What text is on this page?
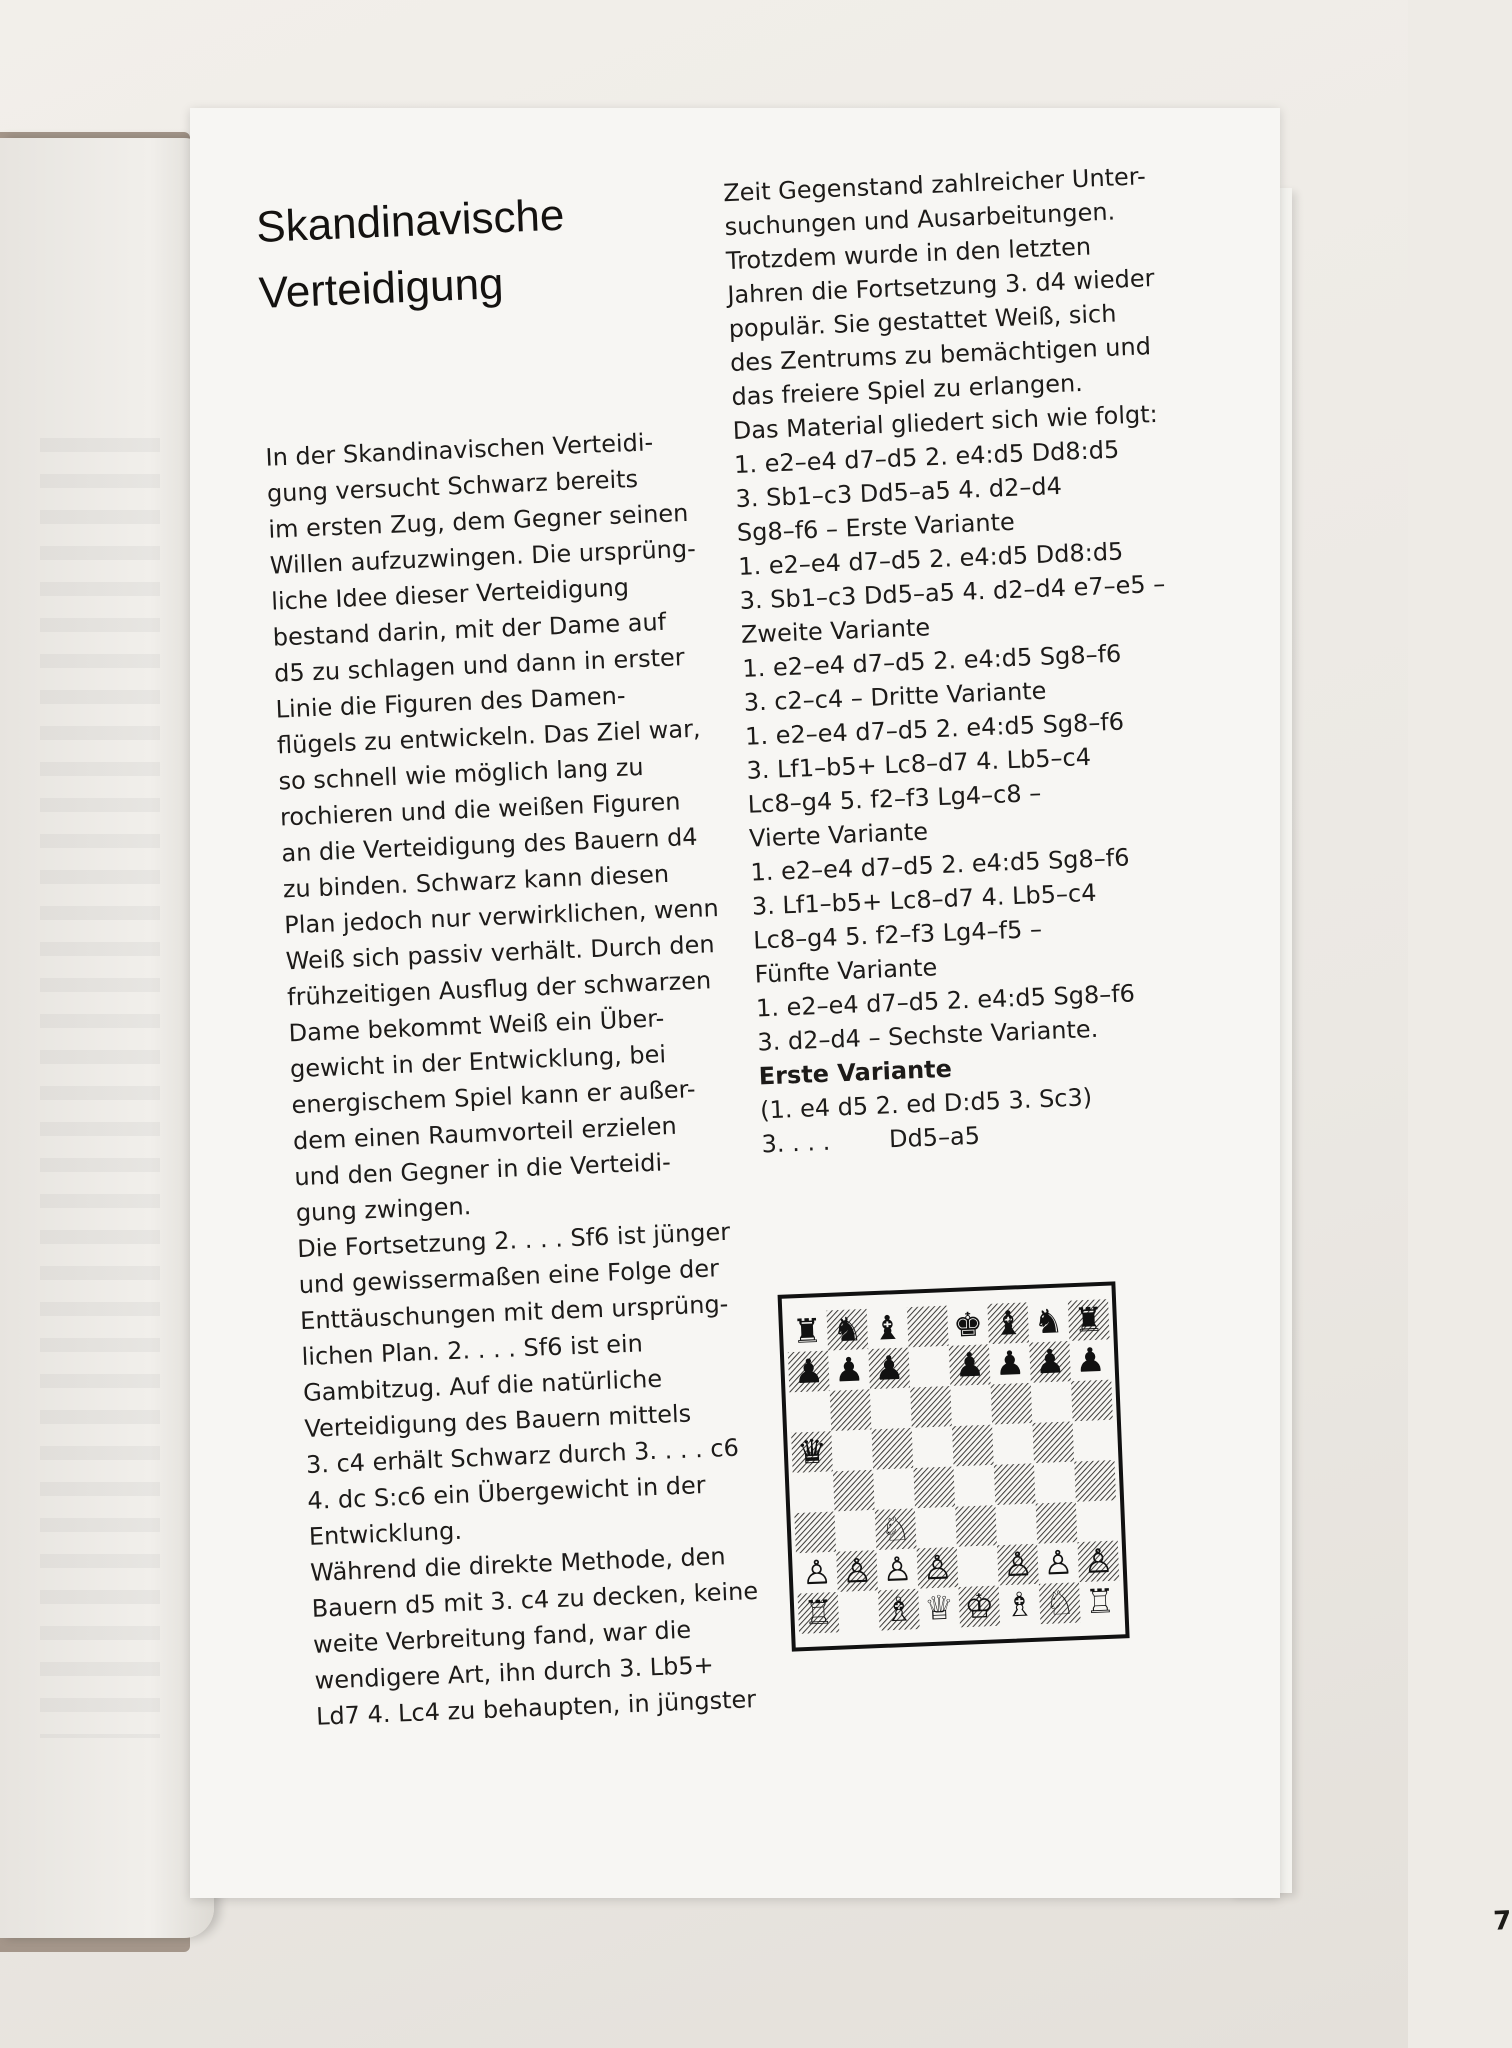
Skandinavische
Verteidigung

In der Skandinavischen Verteidi-
gung versucht Schwarz bereits
im ersten Zug, dem Gegner seinen
Willen aufzuzwingen. Die ursprüng-
liche Idee dieser Verteidigung
bestand darin, mit der Dame auf
d5 zu schlagen und dann in erster
Linie die Figuren des Damen-
flügels zu entwickeln. Das Ziel war,
so schnell wie möglich lang zu
rochieren und die weißen Figuren
an die Verteidigung des Bauern d4
zu binden. Schwarz kann diesen
Plan jedoch nur verwirklichen, wenn
Weiß sich passiv verhält. Durch den
frühzeitigen Ausflug der schwarzen
Dame bekommt Weiß ein Über-
gewicht in der Entwicklung, bei
energischem Spiel kann er außer-
dem einen Raumvorteil erzielen
und den Gegner in die Verteidi-
gung zwingen.

Die Fortsetzung 2. . . . Sf6 ist jünger
und gewissermaßen eine Folge der
Enttäuschungen mit dem ursprüng-
lichen Plan. 2. . . . Sf6 ist ein
Gambitzug. Auf die natürliche
Verteidigung des Bauern mittels
3. c4 erhält Schwarz durch 3. . . . c6
4. dc S:c6 ein Übergewicht in der
Entwicklung.

Während die direkte Methode, den
Bauern d5 mit 3. c4 zu decken, keine
weite Verbreitung fand, war die
wendigere Art, ihn durch 3. Lb5+
Ld7 4. Lc4 zu behaupten, in jüngster

Zeit Gegenstand zahlreicher Unter-
suchungen und Ausarbeitungen.
Trotzdem wurde in den letzten
Jahren die Fortsetzung 3. d4 wieder
populär. Sie gestattet Weiß, sich
des Zentrums zu bemächtigen und
das freiere Spiel zu erlangen.

Das Material gliedert sich wie folgt:

1. e2–e4 d7–d5 2. e4:d5 Dd8:d5
3. Sb1–c3 Dd5–a5 4. d2–d4
Sg8–f6 – Erste Variante

1. e2–e4 d7–d5 2. e4:d5 Dd8:d5
3. Sb1–c3 Dd5–a5 4. d2–d4 e7–e5 –
Zweite Variante

1. e2–e4 d7–d5 2. e4:d5 Sg8–f6
3. c2–c4 – Dritte Variante

1. e2–e4 d7–d5 2. e4:d5 Sg8–f6
3. Lf1–b5+ Lc8–d7 4. Lb5–c4
Lc8–g4 5. f2–f3 Lg4–c8 –
Vierte Variante

1. e2–e4 d7–d5 2. e4:d5 Sg8–f6
3. Lf1–b5+ Lc8–d7 4. Lb5–c4
Lc8–g4 5. f2–f3 Lg4–f5 –
Fünfte Variante

1. e2–e4 d7–d5 2. e4:d5 Sg8–f6
3. d2–d4 – Sechste Variante.

Erste Variante

(1. e4 d5 2. ed D:d5 3. Sc3)

3. . . . Dd5–a5

♜ ♞ ♝ ♚ ♝ ♞ ♜
♟ ♟ ♟ ♟ ♟ ♟ ♟
♛
♘
♙ ♙ ♙ ♙ ♙ ♙ ♙
♖ ♗ ♕ ♔ ♗ ♘ ♖

7
